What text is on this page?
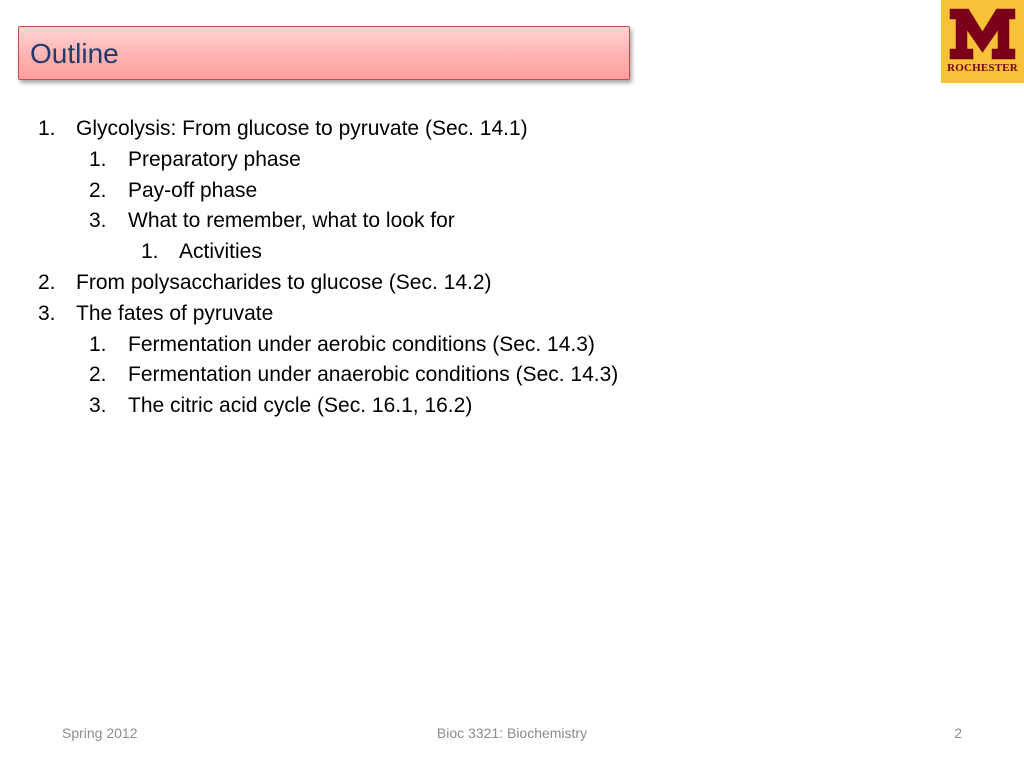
Outline	ROCHESTER
1. Glycolysis: From glucose to pyruvate (Sec. 14.1)
1. Preparatory phase
2. Pay-off phase
3. What to remember, what to look for
1. Activities
2. From polysaccharides to glucose (Sec. 14.2)
3. The fates of pyruvate
1. Fermentation under aerobic conditions (Sec. 14.3)
2. Fermentation under anaerobic conditions (Sec. 14.3)
3. The citric acid cycle (Sec. 16.1, 16.2)
Spring 2012	Bioc 3321: Biochemistry	2
